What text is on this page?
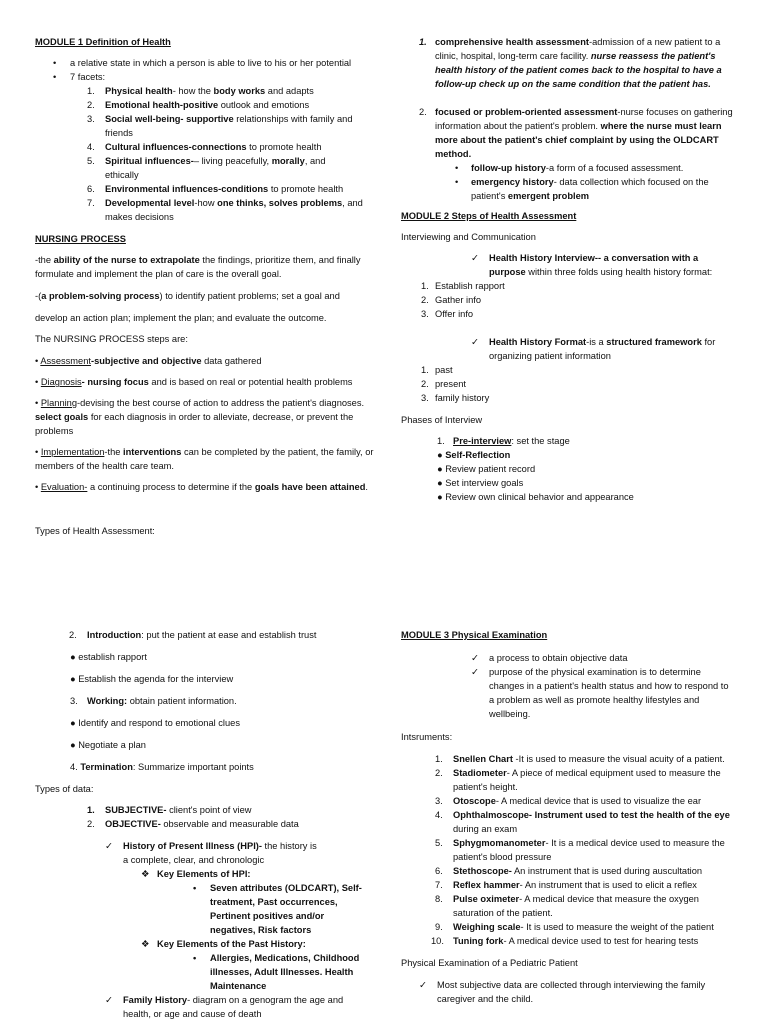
MODULE 1 Definition of Health
• a relative state in which a person is able to live to his or her potential
• 7 facets:
1. Physical health- how the body works and adapts
2. Emotional health-positive outlook and emotions
3. Social well-being- supportive relationships with family and friends
4. Cultural influences-connections to promote health
5. Spiritual influences-– living peacefully, morally, and ethically
6. Environmental influences-conditions to promote health
7. Developmental level-how one thinks, solves problems, and makes decisions
NURSING PROCESS
-the ability of the nurse to extrapolate the findings, prioritize them, and finally formulate and implement the plan of care is the overall goal.
-(a problem-solving process) to identify patient problems; set a goal and
develop an action plan; implement the plan; and evaluate the outcome.
The NURSING PROCESS steps are:
• Assessment-subjective and objective data gathered
• Diagnosis- nursing focus and is based on real or potential health problems
• Planning-devising the best course of action to address the patient's diagnoses. select goals for each diagnosis in order to alleviate, decrease, or prevent the problems
• Implementation-the interventions can be completed by the patient, the family, or members of the health care team.
• Evaluation- a continuing process to determine if the goals have been attained.
Types of Health Assessment:
1. comprehensive health assessment-admission of a new patient to a clinic, hospital, long-term care facility. nurse reassess the patient's health history of the patient comes back to the hospital to have a follow-up check up on the same condition that the patient has.
2. focused or problem-oriented assessment-nurse focuses on gathering information about the patient's problem. where the nurse must learn more about the patient's chief complaint by using the OLDCART method.
• follow-up history-a form of a focused assessment.
• emergency history- data collection which focused on the patient's emergent problem
MODULE 2 Steps of Health Assessment
Interviewing and Communication
✓ Health History Interview-- a conversation with a purpose within three folds using health history format:
1. Establish rapport
2. Gather info
3. Offer info
✓ Health History Format-is a structured framework for organizing patient information
1. past
2. present
3. family history
Phases of Interview
1. Pre-interview: set the stage
● Self-Reflection
● Review patient record
● Set interview goals
● Review own clinical behavior and appearance
2. Introduction: put the patient at ease and establish trust
● establish rapport
● Establish the agenda for the interview
3. Working: obtain patient information.
● Identify and respond to emotional clues
● Negotiate a plan
4. Termination: Summarize important points
Types of data:
1. SUBJECTIVE- client's point of view
2. OBJECTIVE- observable and measurable data
✓ History of Present Illness (HPI)- the history is a complete, clear, and chronologic
❖ Key Elements of HPI:
• Seven attributes (OLDCART), Self-treatment, Past occurrences, Pertinent positives and/or negatives, Risk factors
❖ Key Elements of the Past History:
• Allergies, Medications, Childhood illnesses, Adult Illnesses. Health Maintenance
✓ Family History- diagram on a genogram the age and health, or age and cause of death
MODULE 3 Physical Examination
✓ a process to obtain objective data
✓ purpose of the physical examination is to determine changes in a patient's health status and how to respond to a problem as well as promote healthy lifestyles and wellbeing.
Intsruments:
1. Snellen Chart -It is used to measure the visual acuity of a patient.
2. Stadiometer- A piece of medical equipment used to measure the patient's height.
3. Otoscope- A medical device that is used to visualize the ear
4. Ophthalmoscope- Instrument used to test the health of the eye during an exam
5. Sphygmomanometer- It is a medical device used to measure the patient's blood pressure
6. Stethoscope- An instrument that is used during auscultation
7. Reflex hammer- An instrument that is used to elicit a reflex
8. Pulse oximeter- A medical device that measure the oxygen saturation of the patient.
9. Weighing scale- It is used to measure the weight of the patient
10. Tuning fork- A medical device used to test for hearing tests
Physical Examination of a Pediatric Patient
✓ Most subjective data are collected through interviewing the family caregiver and the child.
